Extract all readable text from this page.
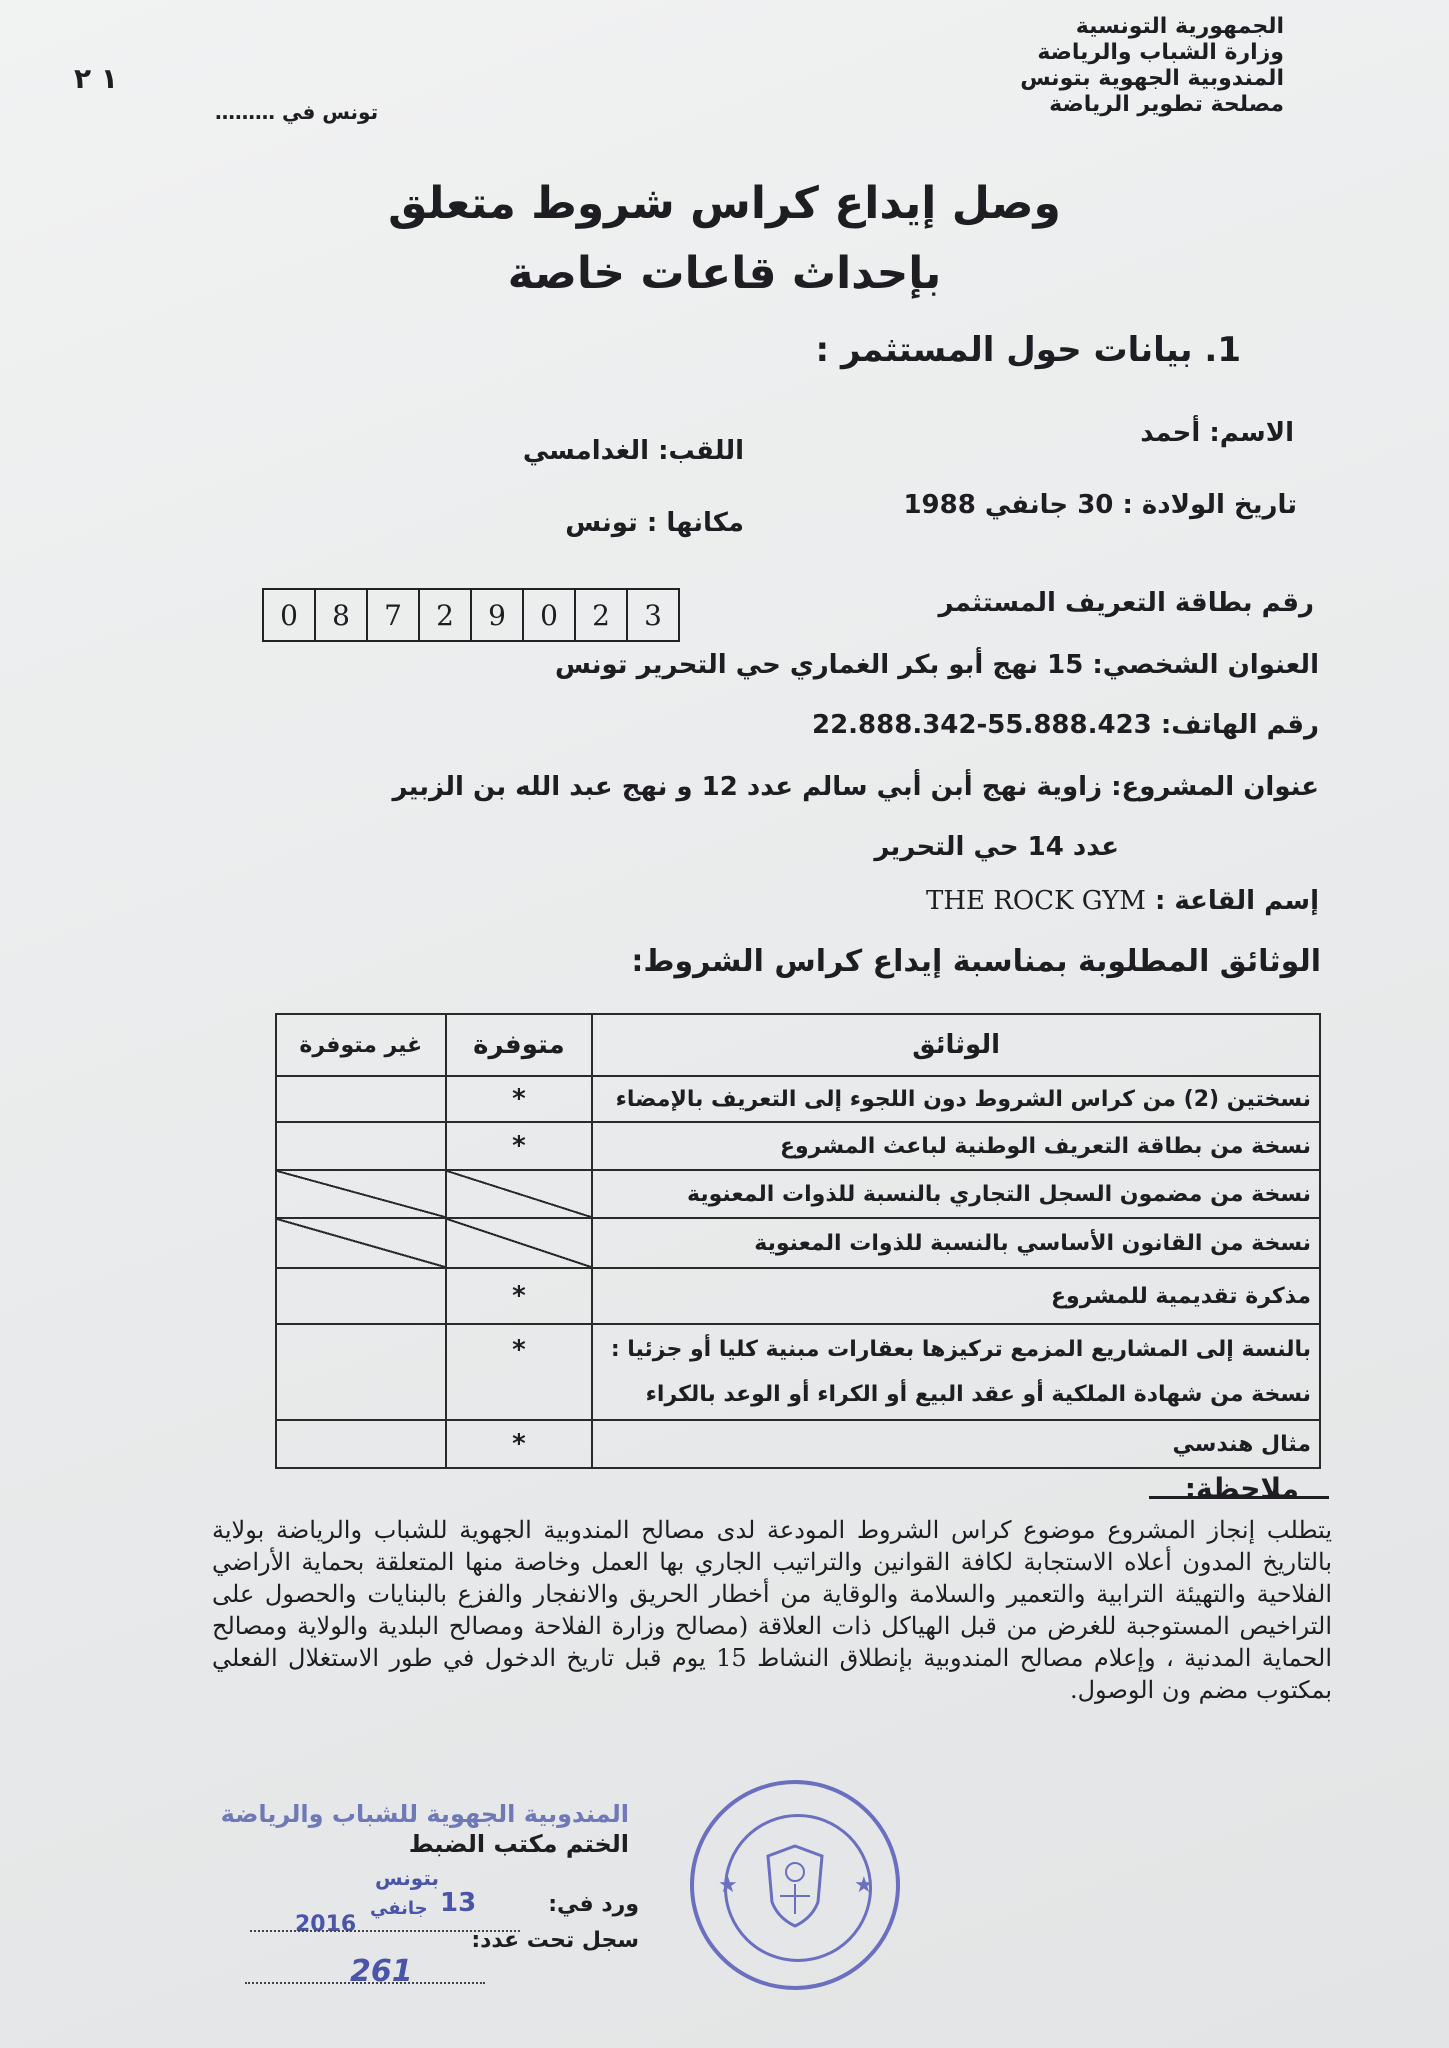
الجمهورية التونسية
وزارة الشباب والرياضة
المندوبية الجهوية بتونس
مصلحة تطوير الرياضة
١ ٢
تونس في ………
وصل إيداع كراس شروط متعلق
بإحداث قاعات خاصة
1. بيانات حول المستثمر :
الاسم: أحمد
اللقب: الغدامسي
تاريخ الولادة : 30 جانفي 1988
مكانها : تونس
رقم بطاقة التعريف المستثمر
0	8	7	2	9	0	2	3
العنوان الشخصي: 15 نهج أبو بكر الغماري حي التحرير تونس
رقم الهاتف: 22.888.342-55.888.423
عنوان المشروع: زاوية نهج أبن أبي سالم عدد 12 و نهج عبد الله بن الزبير
عدد 14 حي التحرير
إسم القاعة : THE ROCK GYM
الوثائق المطلوبة بمناسبة إيداع كراس الشروط:
الوثائق	متوفرة	غير متوفرة
نسختين (2) من كراس الشروط دون اللجوء إلى التعريف بالإمضاء	*	
نسخة من بطاقة التعريف الوطنية لباعث المشروع	*	
نسخة من مضمون السجل التجاري بالنسبة للذوات المعنوية		
نسخة من القانون الأساسي بالنسبة للذوات المعنوية		
مذكرة تقديمية للمشروع	*	

بالنسة إلى المشاريع المزمع تركيزها بعقارات مبنية كليا أو جزئيا :
نسخة من شهادة الملكية أو عقد البيع أو الكراء أو الوعد بالكراء	*	
مثال هندسي	*	
ملاحظة:
يتطلب إنجاز المشروع موضوع كراس الشروط المودعة لدى مصالح المندوبية الجهوية للشباب والرياضة بولاية بالتاريخ المدون أعلاه الاستجابة لكافة القوانين والتراتيب الجاري بها العمل وخاصة منها المتعلقة بحماية الأراضي الفلاحية والتهيئة الترابية والتعمير والسلامة والوقاية من أخطار الحريق والانفجار والفزع بالبنايات والحصول على التراخيص المستوجبة للغرض من قبل الهياكل ذات العلاقة (مصالح وزارة الفلاحة ومصالح البلدية والولاية ومصالح الحماية المدنية ، وإعلام مصالح المندوبية بإنطلاق النشاط 15 يوم قبل تاريخ الدخول في طور الاستغلال الفعلي بمكتوب مضم ون الوصول.
المندوبية الجهوية للشباب والرياضة
الختم مكتب الضبط
بتونس
ورد في:
13
جانفي
2016
سجل تحت عدد:
261
★	★
